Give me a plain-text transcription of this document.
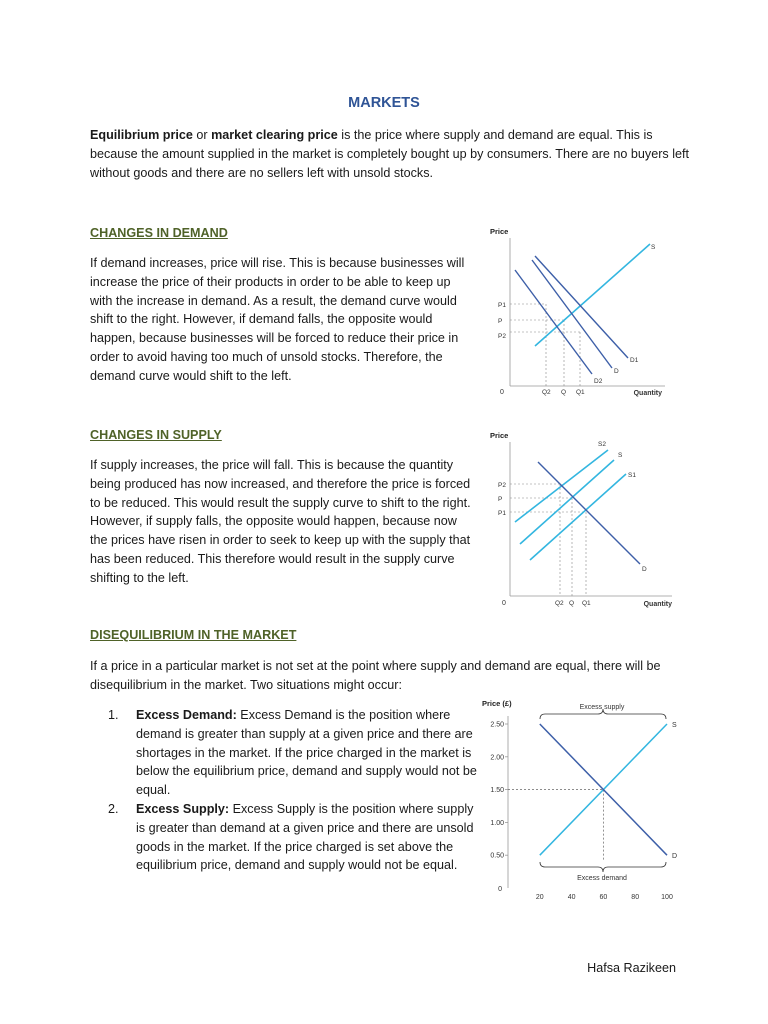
MARKETS
Equilibrium price or market clearing price is the price where supply and demand are equal. This is because the amount supplied in the market is completely bought up by consumers. There are no buyers left without goods and there are no sellers left with unsold stocks.
CHANGES IN DEMAND
If demand increases, price will rise. This is because businesses will increase the price of their products in order to be able to keep up with the increase in demand. As a result, the demand curve would shift to the right. However, if demand falls, the opposite would happen, because businesses will be forced to reduce their price in order to avoid having too much of unsold stocks. Therefore, the demand curve would shift to the left.
CHANGES IN SUPPLY
If supply increases, the price will fall. This is because the quantity being produced has now increased, and therefore the price is forced to be reduced. This would result the supply curve to shift to the right. However, if supply falls, the opposite would happen, because now the prices have risen in order to seek to keep up with the supply that has been reduced. This therefore would result in the supply curve shifting to the left.
DISEQUILIBRIUM IN THE MARKET
If a price in a particular market is not set at the point where supply and demand are equal, there will be disequilibrium in the market. Two situations might occur:
1. Excess Demand: Excess Demand is the position where demand is greater than supply at a given price and there are shortages in the market. If the price charged in the market is below the equilibrium price, demand and supply would not be equal.
2. Excess Supply: Excess Supply is the position where supply is greater than demand at a given price and there are unsold goods in the market. If the price charged is set above the equilibrium price, demand and supply would not be equal.
Price
0	Quantity
S
D1
D
D2
P1
P
P2
Q2 Q Q1
Price
0	Quantity
S2
S
S1
D
P2
P
P1
Q2 Q Q1
Price (£)
0
0.50
1.00
1.50
2.00
2.50
20	40	60	80	100
Excess supply
Excess demand
S
D
Hafsa Razikeen
